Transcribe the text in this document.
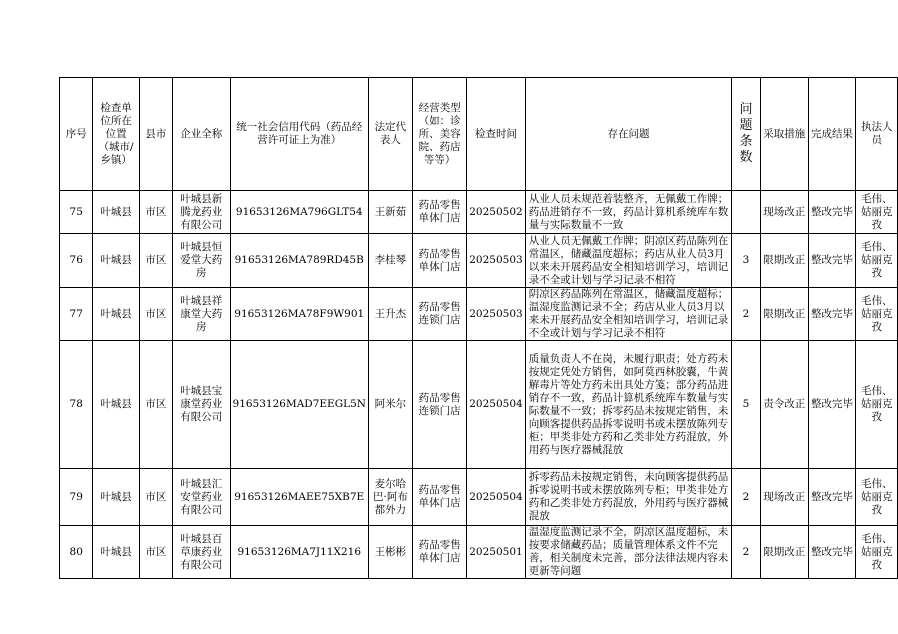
序号	检查单位所在位置（城市/乡镇）	县市	企业全称	统一社会信用代码（药品经营许可证上为准）	法定代表人	经营类型（如：诊所、美容院、药店等等）	检查时间	存在问题	问题条数	采取措施	完成结果	执法人员
75	叶城县	市区	叶城县新腾龙药业有限公司	91653126MA796GLT54	王新茹	药品零售单体门店	20250502	从业人员未规范着装整齐，无佩戴工作牌；药品进销存不一致，药品计算机系统库车数量与实际数量不一致		现场改正	整改完毕	毛伟、姑丽克孜
76	叶城县	市区	叶城县恒爱堂大药房	91653126MA789RD45B	李桂琴	药品零售单体门店	20250503	从业人员无佩戴工作牌；阴凉区药品陈列在常温区，储藏温度超标；药店从业人员3月以来未开展药品安全相知培训学习，培训记录不全或计划与学习记录不相符	3	限期改正	整改完毕	毛伟、姑丽克孜
77	叶城县	市区	叶城县祥康堂大药房	91653126MA78F9W901	王升杰	药品零售连锁门店	20250503	阴凉区药品陈列在常温区，储藏温度超标；温湿度监测记录不全；药店从业人员3月以来未开展药品安全相知培训学习，培训记录不全或计划与学习记录不相符	2	限期改正	整改完毕	毛伟、姑丽克孜
78	叶城县	市区	叶城县宝康堂药业有限公司	91653126MAD7EEGL5N	阿米尔	药品零售连锁门店	20250504	质量负责人不在岗，未履行职责；处方药未按规定凭处方销售，如阿莫西林胶囊，牛黄解毒片等处方药未出具处方笺；部分药品进销存不一致，药品计算机系统库车数量与实际数量不一致；拆零药品未按规定销售，未向顾客提供药品拆零说明书或未摆放陈列专柜；甲类非处方药和乙类非处方药混放，外用药与医疗器械混放	5	责令改正	整改完毕	毛伟、姑丽克孜
79	叶城县	市区	叶城县汇安堂药业有限公司	91653126MAEE75XB7E	麦尔哈巴·阿布都外力	药品零售单体门店	20250504	拆零药品未按规定销售，未向顾客提供药品拆零说明书或未摆放陈列专柜；甲类非处方药和乙类非处方药混放，外用药与医疗器械混放	2	现场改正	整改完毕	毛伟、姑丽克孜
80	叶城县	市区	叶城县百草康药业有限公司	91653126MA7J11X216	王彬彬	药品零售单体门店	20250501	温湿度监测记录不全，阴凉区温度超标，未按要求储藏药品；质量管理体系文件不完善，相关制度未完善，部分法律法规内容未更新等问题	2	限期改正	整改完毕	毛伟、姑丽克孜
